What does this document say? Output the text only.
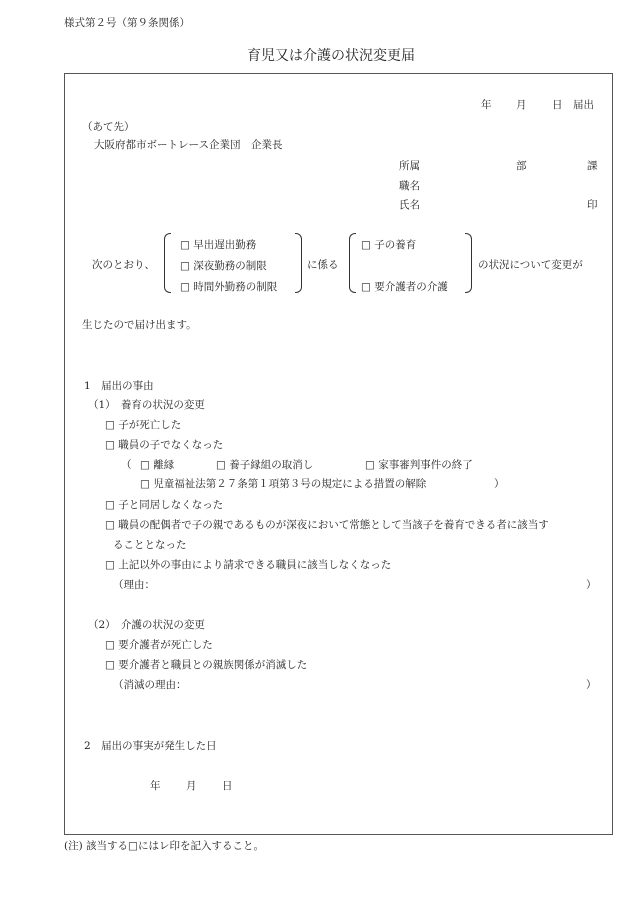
様式第２号（第９条関係）
育児又は介護の状況変更届
年 月 日 届出
（あて先）
大阪府都市ボートレース企業団　企業長
所属	部	課
職名
氏名	印
次のとおり、
□ 早出遅出勤務
□ 深夜勤務の制限
□ 時間外勤務の制限
に係る
□ 子の養育
□ 要介護者の介護
の状況について変更が
生じたので届け出ます。
1　届出の事由
（1）　養育の状況の変更
□ 子が死亡した
□ 職員の子でなくなった
（ □ 離縁	□ 養子縁組の取消し	□ 家事審判事件の終了
□ 児童福祉法第２７条第１項第３号の規定による措置の解除	）
□ 子と同居しなくなった
□ 職員の配偶者で子の親であるものが深夜において常態として当該子を養育できる者に該当す
ることとなった
□ 上記以外の事由により請求できる職員に該当しなくなった
（理由：	）
（2）　介護の状況の変更
□ 要介護者が死亡した
□ 要介護者と職員との親族関係が消滅した
（消滅の理由：	）
2　届出の事実が発生した日
年 月 日
(注) 該当する□にはレ印を記入すること。
